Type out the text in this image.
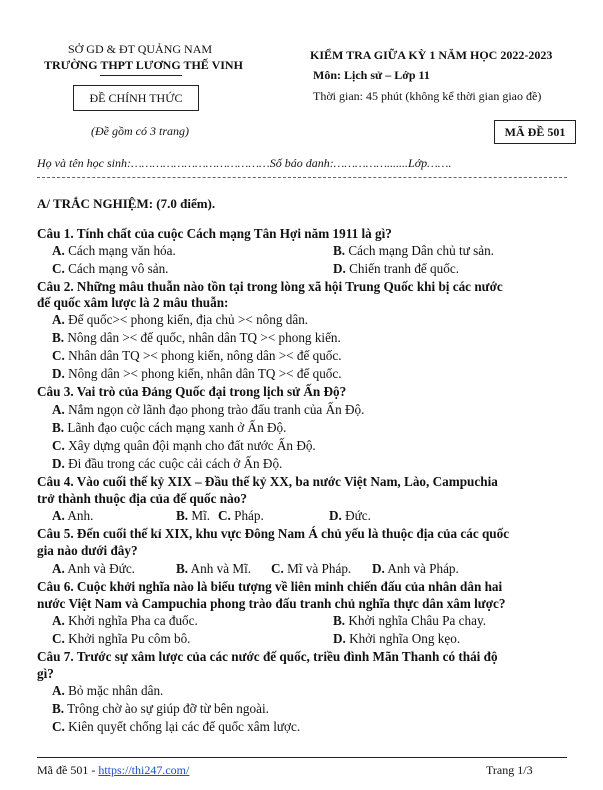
SỞ GD & ĐT QUẢNG NAM
TRƯỜNG THPT LƯƠNG THẾ VINH
ĐỀ CHÍNH THỨC
(Đề gồm có 3 trang)
KIỂM TRA GIỮA KỲ 1 NĂM HỌC 2022-2023
Môn: Lịch sử – Lớp 11
Thời gian: 45 phút (không kể thời gian giao đề)
MÃ ĐỀ 501
Họ và tên học sinh:…………………………………Số báo danh:…………….......Lớp…….
A/ TRẮC NGHIỆM: (7.0 điểm).
Câu 1. Tính chất của cuộc Cách mạng Tân Hợi năm 1911 là gì?
A. Cách mạng văn hóa.	B. Cách mạng Dân chủ tư sản.
C. Cách mạng vô sản.	D. Chiến tranh đế quốc.
Câu 2. Những mâu thuẫn nào tồn tại trong lòng xã hội Trung Quốc khi bị các nước
đế quốc xâm lược là 2 mâu thuẫn:
A. Đế quốc>< phong kiến, địa chủ >< nông dân.
B. Nông dân >< đế quốc, nhân dân TQ >< phong kiến.
C. Nhân dân TQ >< phong kiến, nông dân >< đế quốc.
D. Nông dân >< phong kiến, nhân dân TQ >< đế quốc.
Câu 3. Vai trò của Đảng Quốc đại trong lịch sử Ấn Độ?
A. Nắm ngọn cờ lãnh đạo phong trào đấu tranh của Ấn Độ.
B. Lãnh đạo cuộc cách mạng xanh ở Ấn Độ.
C. Xây dựng quân đội mạnh cho đất nước Ấn Độ.
D. Đi đầu trong các cuộc cải cách ở Ấn Độ.
Câu 4. Vào cuối thế kỷ XIX – Đầu thế kỷ XX, ba nước Việt Nam, Lào, Campuchia
trở thành thuộc địa của đế quốc nào?
A. Anh.	B. Mĩ. C. Pháp.	D. Đức.
Câu 5. Đến cuối thế kỉ XIX, khu vực Đông Nam Á chủ yếu là thuộc địa của các quốc
gia nào dưới đây?
A. Anh và Đức.	B. Anh và Mĩ. C. Mĩ và Pháp. D. Anh và Pháp.
Câu 6. Cuộc khởi nghĩa nào là biểu tượng về liên minh chiến đấu của nhân dân hai
nước Việt Nam và Campuchia phong trào đấu tranh chủ nghĩa thực dân xâm lược?
A. Khởi nghĩa Pha ca đuốc.	B. Khởi nghĩa Châu Pa chay.
C. Khởi nghĩa Pu côm bô.	D. Khởi nghĩa Ong kẹo.
Câu 7. Trước sự xâm lược của các nước đế quốc, triều đình Mãn Thanh có thái độ
gì?
A. Bỏ mặc nhân dân.
B. Trông chờ ào sự giúp đỡ từ bên ngoài.
C. Kiên quyết chống lại các đế quốc xâm lược.
Mã đề 501 - https://thi247.com/	Trang 1/3
